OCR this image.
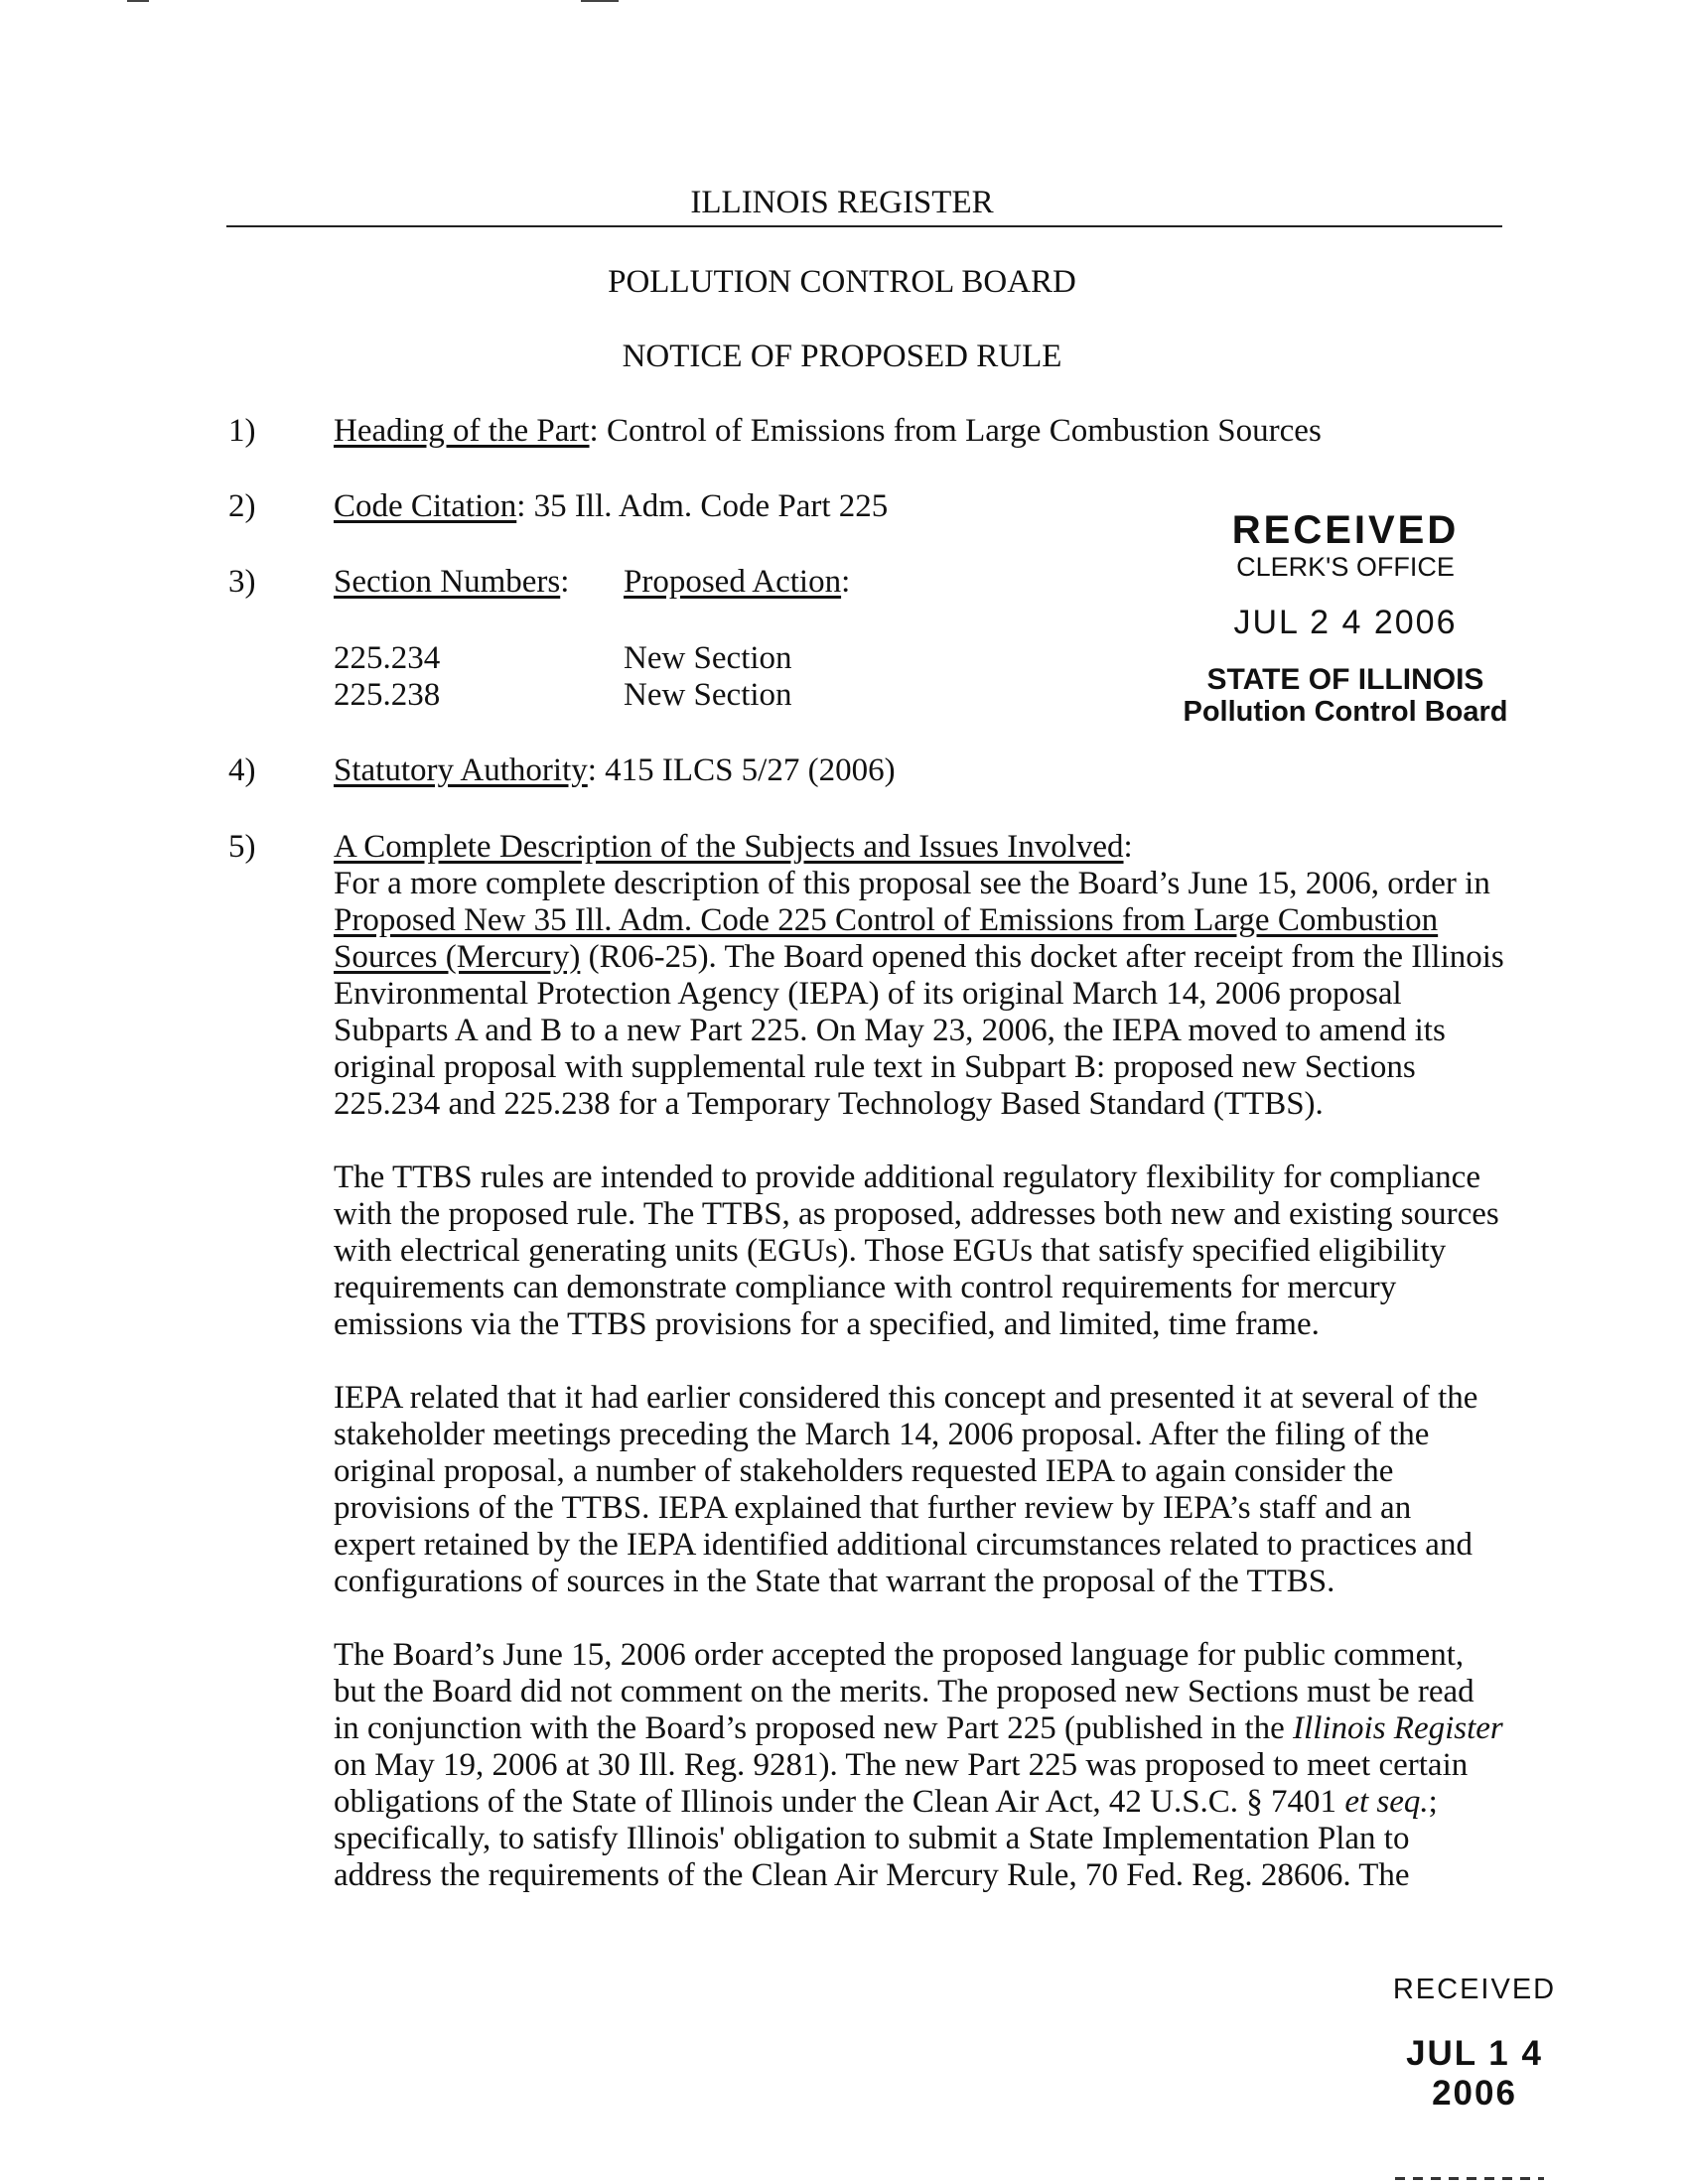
ILLINOIS REGISTER
POLLUTION CONTROL BOARD
NOTICE OF PROPOSED RULE
1) Heading of the Part: Control of Emissions from Large Combustion Sources
2) Code Citation: 35 Ill. Adm. Code Part 225
3) Section Numbers: Proposed Action:
225.234	New Section
225.238	New Section
4) Statutory Authority: 415 ILCS 5/27 (2006)
5) A Complete Description of the Subjects and Issues Involved:

For a more complete description of this proposal see the Board’s June 15, 2006, order in
Proposed New 35 Ill. Adm. Code 225 Control of Emissions from Large Combustion
Sources (Mercury) (R06-25). The Board opened this docket after receipt from the Illinois
Environmental Protection Agency (IEPA) of its original March 14, 2006 proposal
Subparts A and B to a new Part 225. On May 23, 2006, the IEPA moved to amend its
original proposal with supplemental rule text in Subpart B: proposed new Sections
225.234 and 225.238 for a Temporary Technology Based Standard (TTBS).

The TTBS rules are intended to provide additional regulatory flexibility for compliance
with the proposed rule. The TTBS, as proposed, addresses both new and existing sources
with electrical generating units (EGUs). Those EGUs that satisfy specified eligibility
requirements can demonstrate compliance with control requirements for mercury
emissions via the TTBS provisions for a specified, and limited, time frame.

IEPA related that it had earlier considered this concept and presented it at several of the
stakeholder meetings preceding the March 14, 2006 proposal. After the filing of the
original proposal, a number of stakeholders requested IEPA to again consider the
provisions of the TTBS. IEPA explained that further review by IEPA’s staff and an
expert retained by the IEPA identified additional circumstances related to practices and
configurations of sources in the State that warrant the proposal of the TTBS.

The Board’s June 15, 2006 order accepted the proposed language for public comment,
but the Board did not comment on the merits. The proposed new Sections must be read
in conjunction with the Board’s proposed new Part 225 (published in the Illinois Register
on May 19, 2006 at 30 Ill. Reg. 9281). The new Part 225 was proposed to meet certain
obligations of the State of Illinois under the Clean Air Act, 42 U.S.C. § 7401 et seq.;
specifically, to satisfy Illinois' obligation to submit a State Implementation Plan to
address the requirements of the Clean Air Mercury Rule, 70 Fed. Reg. 28606. The

RECEIVED
CLERK'S OFFICE
JUL 2 4 2006
STATE OF ILLINOIS
Pollution Control Board
RECEIVED
JUL 1 4 2006
